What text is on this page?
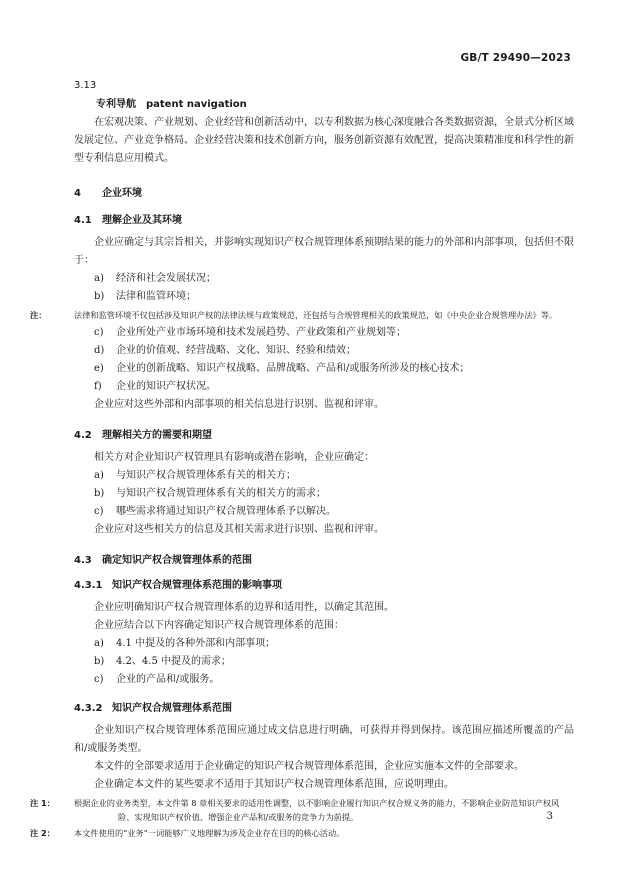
GB/T 29490—2023

3.13

专利导航 patent navigation

在宏观决策、产业规划、企业经营和创新活动中，以专利数据为核心深度融合各类数据资源，全景式分析区域发展定位、产业竞争格局、企业经营决策和技术创新方向，服务创新资源有效配置，提高决策精准度和科学性的新型专利信息应用模式。

4 企业环境
4.1 理解企业及其环境

企业应确定与其宗旨相关，并影响实现知识产权合规管理体系预期结果的能力的外部和内部事项，包括但不限于：

a) 经济和社会发展状况；
b) 法律和监管环境；

注：	法律和监管环境不仅包括涉及知识产权的法律法规与政策规范，还包括与合规管理相关的政策规范，如《中央企业合规管理办法》等。

c) 企业所处产业市场环境和技术发展趋势、产业政策和产业规划等；
d) 企业的价值观、经营战略、文化、知识、经验和绩效；
e) 企业的创新战略、知识产权战略、品牌战略、产品和/或服务所涉及的核心技术；
f) 企业的知识产权状况。

企业应对这些外部和内部事项的相关信息进行识别、监视和评审。

4.2 理解相关方的需要和期望

相关方对企业知识产权管理具有影响或潜在影响，企业应确定：

a) 与知识产权合规管理体系有关的相关方；
b) 与知识产权合规管理体系有关的相关方的需求；
c) 哪些需求将通过知识产权合规管理体系予以解决。

企业应对这些相关方的信息及其相关需求进行识别、监视和评审。

4.3 确定知识产权合规管理体系的范围
4.3.1 知识产权合规管理体系范围的影响事项

企业应明确知识产权合规管理体系的边界和适用性，以确定其范围。

企业应结合以下内容确定知识产权合规管理体系的范围：

a) 4.1 中提及的各种外部和内部事项；
b) 4.2、4.5 中提及的需求；
c) 企业的产品和/或服务。
4.3.2 知识产权合规管理体系范围

企业知识产权合规管理体系范围应通过成文信息进行明确，可获得并得到保持。该范围应描述所覆盖的产品和/或服务类型。

本文件的全部要求适用于企业确定的知识产权合规管理体系范围，企业应实施本文件的全部要求。

企业确定本文件的某些要求不适用于其知识产权合规管理体系范围，应说明理由。

注 1： 根据企业的业务类型，本文件第 8 章相关要求的适用性调整，以不影响企业履行知识产权合规义务的能力，不影响企业防范知识产权风险、实现知识产权价值、增强企业产品和/或服务的竞争力为前提。

注 2： 本文件使用的“业务”一词能够广义地理解为涉及企业存在目的的核心活动。

3
